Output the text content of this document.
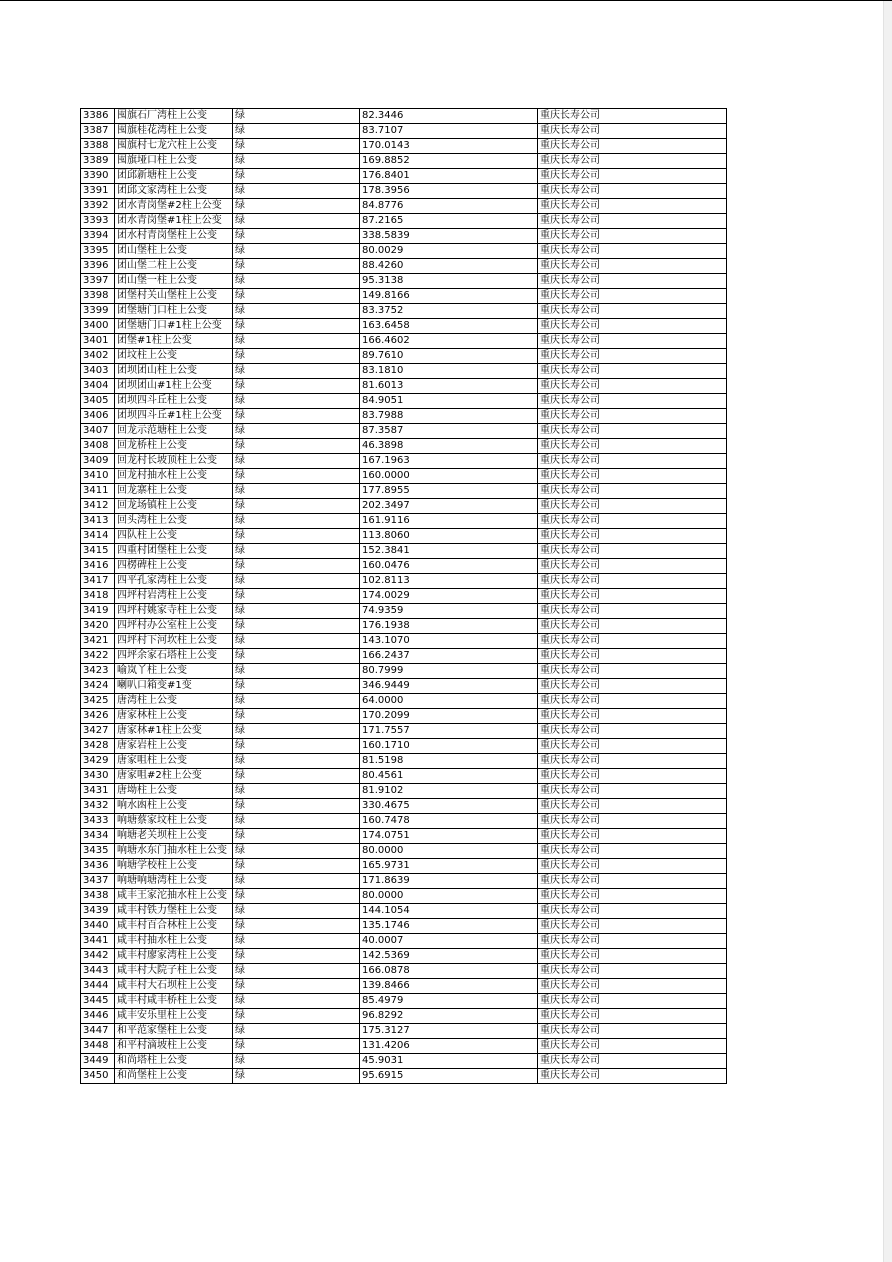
3386	囤旗石厂湾柱上公变	绿	82.3446	重庆长寿公司
3387	囤旗桂花湾柱上公变	绿	83.7107	重庆长寿公司
3388	囤旗村七龙穴柱上公变	绿	170.0143	重庆长寿公司
3389	囤旗垭口柱上公变	绿	169.8852	重庆长寿公司
3390	团邱新塘柱上公变	绿	176.8401	重庆长寿公司
3391	团邱文家湾柱上公变	绿	178.3956	重庆长寿公司
3392	团水青岗堡#2柱上公变	绿	84.8776	重庆长寿公司
3393	团水青岗堡#1柱上公变	绿	87.2165	重庆长寿公司
3394	团水村青岗堡柱上公变	绿	338.5839	重庆长寿公司
3395	团山堡柱上公变	绿	80.0029	重庆长寿公司
3396	团山堡二柱上公变	绿	88.4260	重庆长寿公司
3397	团山堡一柱上公变	绿	95.3138	重庆长寿公司
3398	团堡村关山堡柱上公变	绿	149.8166	重庆长寿公司
3399	团堡塘门口柱上公变	绿	83.3752	重庆长寿公司
3400	团堡塘门口#1柱上公变	绿	163.6458	重庆长寿公司
3401	团堡#1柱上公变	绿	166.4602	重庆长寿公司
3402	团坟柱上公变	绿	89.7610	重庆长寿公司
3403	团坝团山柱上公变	绿	83.1810	重庆长寿公司
3404	团坝团山#1柱上公变	绿	81.6013	重庆长寿公司
3405	团坝四斗丘柱上公变	绿	84.9051	重庆长寿公司
3406	团坝四斗丘#1柱上公变	绿	83.7988	重庆长寿公司
3407	回龙示范塘柱上公变	绿	87.3587	重庆长寿公司
3408	回龙桥柱上公变	绿	46.3898	重庆长寿公司
3409	回龙村长坡顶柱上公变	绿	167.1963	重庆长寿公司
3410	回龙村抽水柱上公变	绿	160.0000	重庆长寿公司
3411	回龙寨柱上公变	绿	177.8955	重庆长寿公司
3412	回龙场镇柱上公变	绿	202.3497	重庆长寿公司
3413	回头湾柱上公变	绿	161.9116	重庆长寿公司
3414	四队柱上公变	绿	113.8060	重庆长寿公司
3415	四重村团堡柱上公变	绿	152.3841	重庆长寿公司
3416	四楞碑柱上公变	绿	160.0476	重庆长寿公司
3417	四平孔家湾柱上公变	绿	102.8113	重庆长寿公司
3418	四坪村岩湾柱上公变	绿	174.0029	重庆长寿公司
3419	四坪村姚家寺柱上公变	绿	74.9359	重庆长寿公司
3420	四坪村办公室柱上公变	绿	176.1938	重庆长寿公司
3421	四坪村下河坎柱上公变	绿	143.1070	重庆长寿公司
3422	四坪余家石塔柱上公变	绿	166.2437	重庆长寿公司
3423	喻岚丫柱上公变	绿	80.7999	重庆长寿公司
3424	喇叭口箱变#1变	绿	346.9449	重庆长寿公司
3425	唐湾柱上公变	绿	64.0000	重庆长寿公司
3426	唐家林柱上公变	绿	170.2099	重庆长寿公司
3427	唐家林#1柱上公变	绿	171.7557	重庆长寿公司
3428	唐家岩柱上公变	绿	160.1710	重庆长寿公司
3429	唐家咀柱上公变	绿	81.5198	重庆长寿公司
3430	唐家咀#2柱上公变	绿	80.4561	重庆长寿公司
3431	唐坳柱上公变	绿	81.9102	重庆长寿公司
3432	响水凼柱上公变	绿	330.4675	重庆长寿公司
3433	响塘蔡家坟柱上公变	绿	160.7478	重庆长寿公司
3434	响塘老关坝柱上公变	绿	174.0751	重庆长寿公司
3435	响塘水东门抽水柱上公变	绿	80.0000	重庆长寿公司
3436	响塘学校柱上公变	绿	165.9731	重庆长寿公司
3437	响塘响塘湾柱上公变	绿	171.8639	重庆长寿公司
3438	咸丰王家沱抽水柱上公变	绿	80.0000	重庆长寿公司
3439	咸丰村铁力堡柱上公变	绿	144.1054	重庆长寿公司
3440	咸丰村百合林柱上公变	绿	135.1746	重庆长寿公司
3441	咸丰村抽水柱上公变	绿	40.0007	重庆长寿公司
3442	咸丰村廖家湾柱上公变	绿	142.5369	重庆长寿公司
3443	咸丰村大院子柱上公变	绿	166.0878	重庆长寿公司
3444	咸丰村大石坝柱上公变	绿	139.8466	重庆长寿公司
3445	咸丰村咸丰桥柱上公变	绿	85.4979	重庆长寿公司
3446	咸丰安乐里柱上公变	绿	96.8292	重庆长寿公司
3447	和平范家堡柱上公变	绿	175.3127	重庆长寿公司
3448	和平村滴坡柱上公变	绿	131.4206	重庆长寿公司
3449	和尚塔柱上公变	绿	45.9031	重庆长寿公司
3450	和尚堡柱上公变	绿	95.6915	重庆长寿公司
